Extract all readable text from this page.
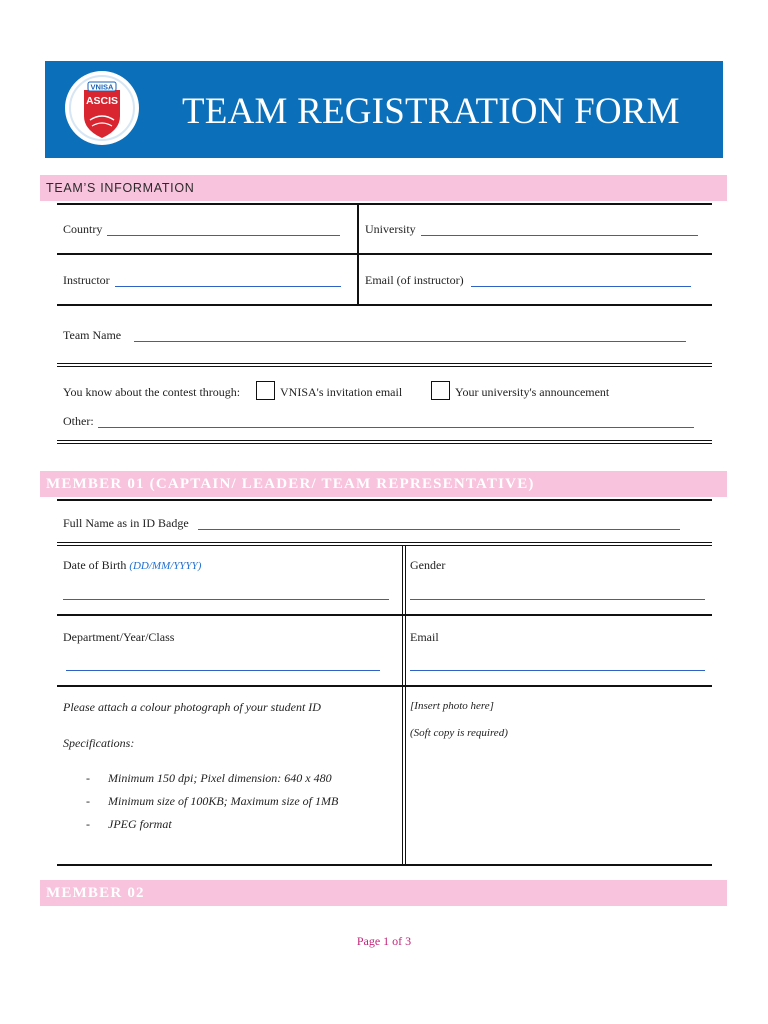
VNISA
ASCIS TEAM REGISTRATION FORM
TEAM’S INFORMATION
Country	University
Instructor	Email (of instructor)
Team Name
You know about the contest through:	VNISA's invitation email	Your university's announcement
Other:
MEMBER 01 (CAPTAIN/ LEADER/ TEAM REPRESENTATIVE)
Full Name as in ID Badge
Date of Birth (DD/MM/YYYY)	Gender
Department/Year/Class	Email
Please attach a colour photograph of your student ID
Specifications:
- Minimum 150 dpi; Pixel dimension: 640 x 480
- Minimum size of 100KB; Maximum size of 1MB
- JPEG format
[Insert photo here]
(Soft copy is required)
MEMBER 02
Page 1 of 3
